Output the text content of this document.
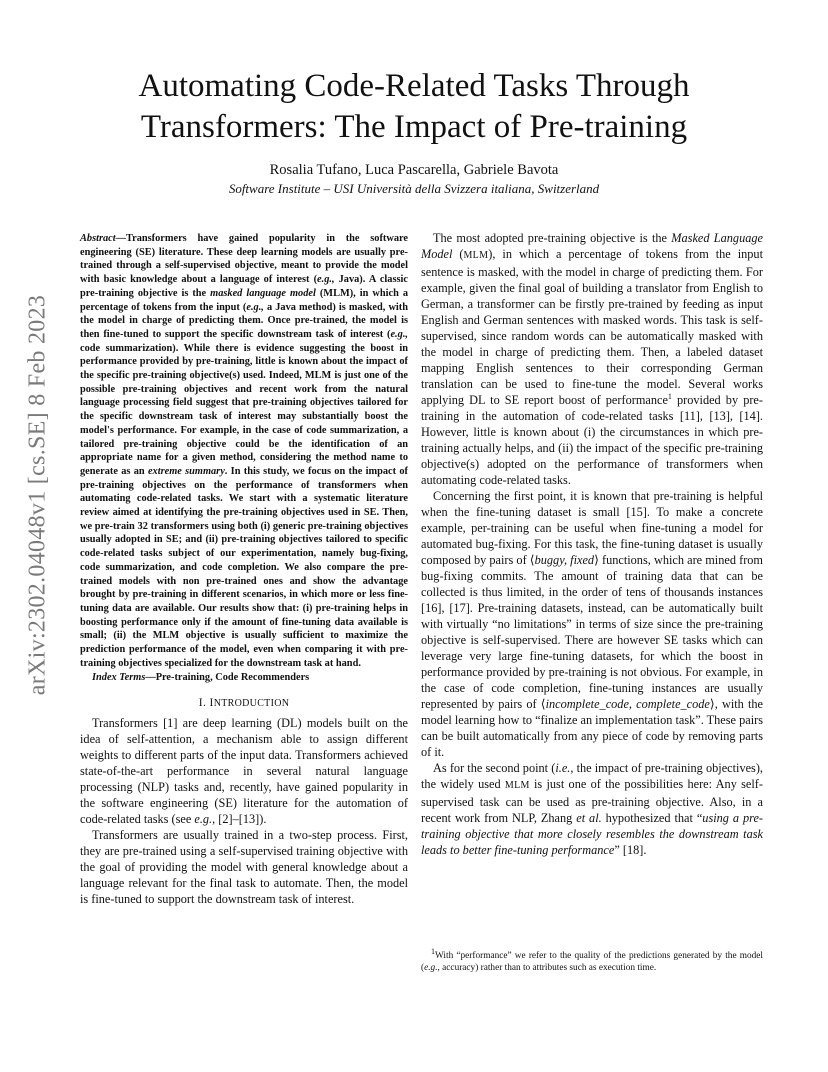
Automating Code-Related Tasks Through
Transformers: The Impact of Pre-training

Rosalia Tufano, Luca Pascarella, Gabriele Bavota

Software Institute – USI Università della Svizzera italiana, Switzerland

arXiv:2302.04048v1 [cs.SE] 8 Feb 2023

Abstract—Transformers have gained popularity in the software engineering (SE) literature. These deep learning models are usually pre-trained through a self-supervised objective, meant to provide the model with basic knowledge about a language of interest (e.g., Java). A classic pre-training objective is the masked language model (MLM), in which a percentage of tokens from the input (e.g., a Java method) is masked, with the model in charge of predicting them. Once pre-trained, the model is then fine-tuned to support the specific downstream task of interest (e.g., code summarization). While there is evidence suggesting the boost in performance provided by pre-training, little is known about the impact of the specific pre-training objective(s) used. Indeed, MLM is just one of the possible pre-training objectives and recent work from the natural language processing field suggest that pre-training objectives tailored for the specific downstream task of interest may substantially boost the model's performance. For example, in the case of code summarization, a tailored pre-training objective could be the identification of an appropriate name for a given method, considering the method name to generate as an extreme summary. In this study, we focus on the impact of pre-training objectives on the performance of transformers when automating code-related tasks. We start with a systematic literature review aimed at identifying the pre-training objectives used in SE. Then, we pre-train 32 transformers using both (i) generic pre-training objectives usually adopted in SE; and (ii) pre-training objectives tailored to specific code-related tasks subject of our experimentation, namely bug-fixing, code summarization, and code completion. We also compare the pre-trained models with non pre-trained ones and show the advantage brought by pre-training in different scenarios, in which more or less fine-tuning data are available. Our results show that: (i) pre-training helps in boosting performance only if the amount of fine-tuning data available is small; (ii) the MLM objective is usually sufficient to maximize the prediction performance of the model, even when comparing it with pre-training objectives specialized for the downstream task at hand.

Index Terms—Pre-training, Code Recommenders

I. INTRODUCTION

Transformers [1] are deep learning (DL) models built on the idea of self-attention, a mechanism able to assign different weights to different parts of the input data. Transformers achieved state-of-the-art performance in several natural language processing (NLP) tasks and, recently, have gained popularity in the software engineering (SE) literature for the automation of code-related tasks (see e.g., [2]–[13]).

Transformers are usually trained in a two-step process. First, they are pre-trained using a self-supervised training objective with the goal of providing the model with general knowledge about a language relevant for the final task to automate. Then, the model is fine-tuned to support the downstream task of interest.

The most adopted pre-training objective is the Masked Language Model (MLM), in which a percentage of tokens from the input sentence is masked, with the model in charge of predicting them. For example, given the final goal of building a translator from English to German, a transformer can be firstly pre-trained by feeding as input English and German sentences with masked words. This task is self-supervised, since random words can be automatically masked with the model in charge of predicting them. Then, a labeled dataset mapping English sentences to their corresponding German translation can be used to fine-tune the model. Several works applying DL to SE report boost of performance$^1$ provided by pre-training in the automation of code-related tasks [11], [13], [14]. However, little is known about (i) the circumstances in which pre-training actually helps, and (ii) the impact of the specific pre-training objective(s) adopted on the performance of transformers when automating code-related tasks.

Concerning the first point, it is known that pre-training is helpful when the fine-tuning dataset is small [15]. To make a concrete example, per-training can be useful when fine-tuning a model for automated bug-fixing. For this task, the fine-tuning dataset is usually composed by pairs of ⟨buggy, fixed⟩ functions, which are mined from bug-fixing commits. The amount of training data that can be collected is thus limited, in the order of tens of thousands instances [16], [17]. Pre-training datasets, instead, can be automatically built with virtually “no limitations” in terms of size since the pre-training objective is self-supervised. There are however SE tasks which can leverage very large fine-tuning datasets, for which the boost in performance provided by pre-training is not obvious. For example, in the case of code completion, fine-tuning instances are usually represented by pairs of ⟨incomplete_code, complete_code⟩, with the model learning how to “finalize an implementation task”. These pairs can be built automatically from any piece of code by removing parts of it.

As for the second point (i.e., the impact of pre-training objectives), the widely used MLM is just one of the possibilities here: Any self-supervised task can be used as pre-training objective. Also, in a recent work from NLP, Zhang et al. hypothesized that “using a pre-training objective that more closely resembles the downstream task leads to better fine-tuning performance” [18].

$^1$With “performance” we refer to the quality of the predictions generated by the model (e.g., accuracy) rather than to attributes such as execution time.
